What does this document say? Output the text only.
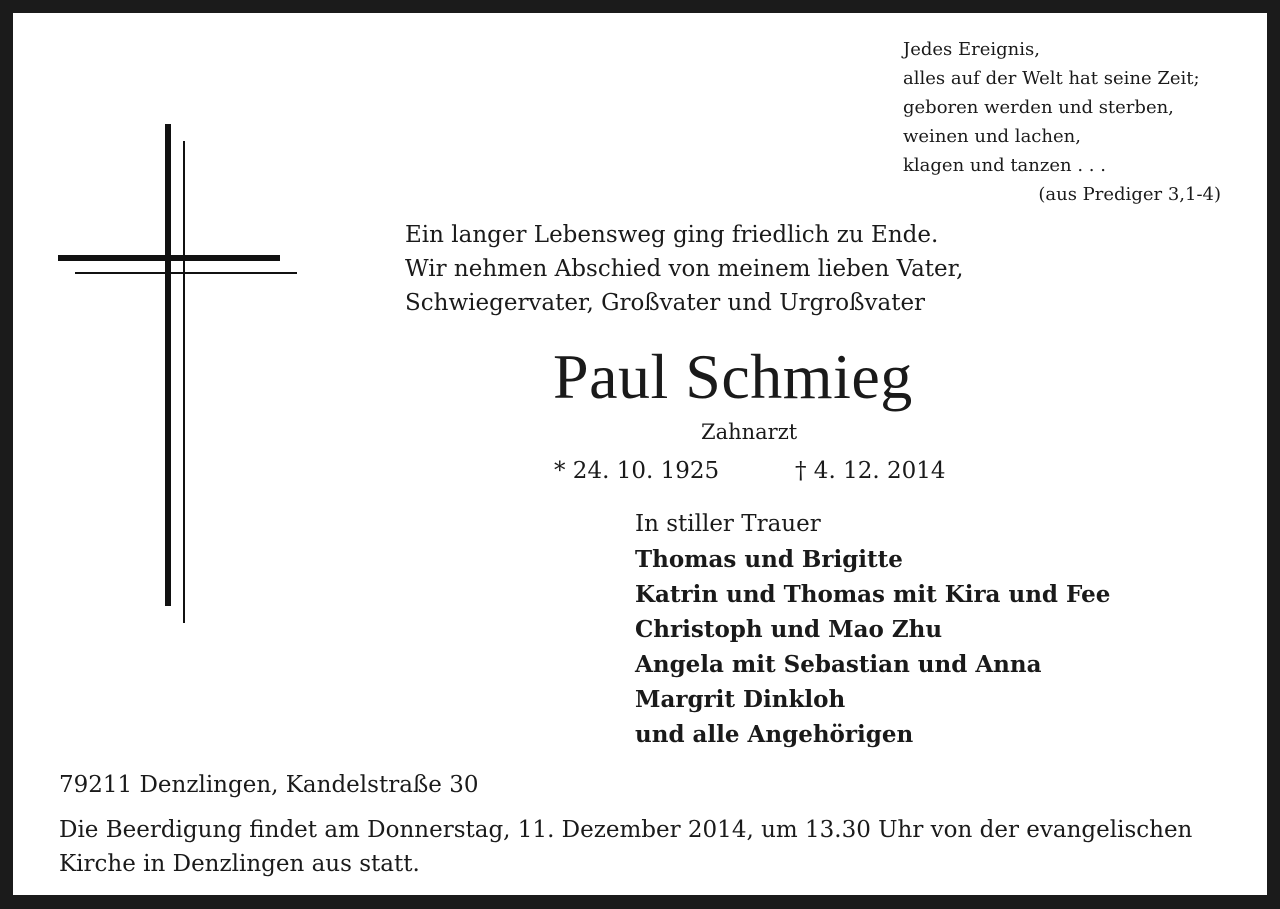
Jedes Ereignis,
alles auf der Welt hat seine Zeit;
geboren werden und sterben,
weinen und lachen,
klagen und tanzen . . .
(aus Prediger 3,1-4)
Ein langer Lebensweg ging friedlich zu Ende.
Wir nehmen Abschied von meinem lieben Vater,
Schwiegervater, Großvater und Urgroßvater
Paul Schmieg
Zahnarzt
* 24. 10. 1925	† 4. 12. 2014
In stiller Trauer
Thomas und Brigitte
Katrin und Thomas mit Kira und Fee
Christoph und Mao Zhu
Angela mit Sebastian und Anna
Margrit Dinkloh
und alle Angehörigen
79211 Denzlingen, Kandelstraße 30
Die Beerdigung findet am Donnerstag, 11. Dezember 2014, um 13.30 Uhr von der evangelischen
Kirche in Denzlingen aus statt.
